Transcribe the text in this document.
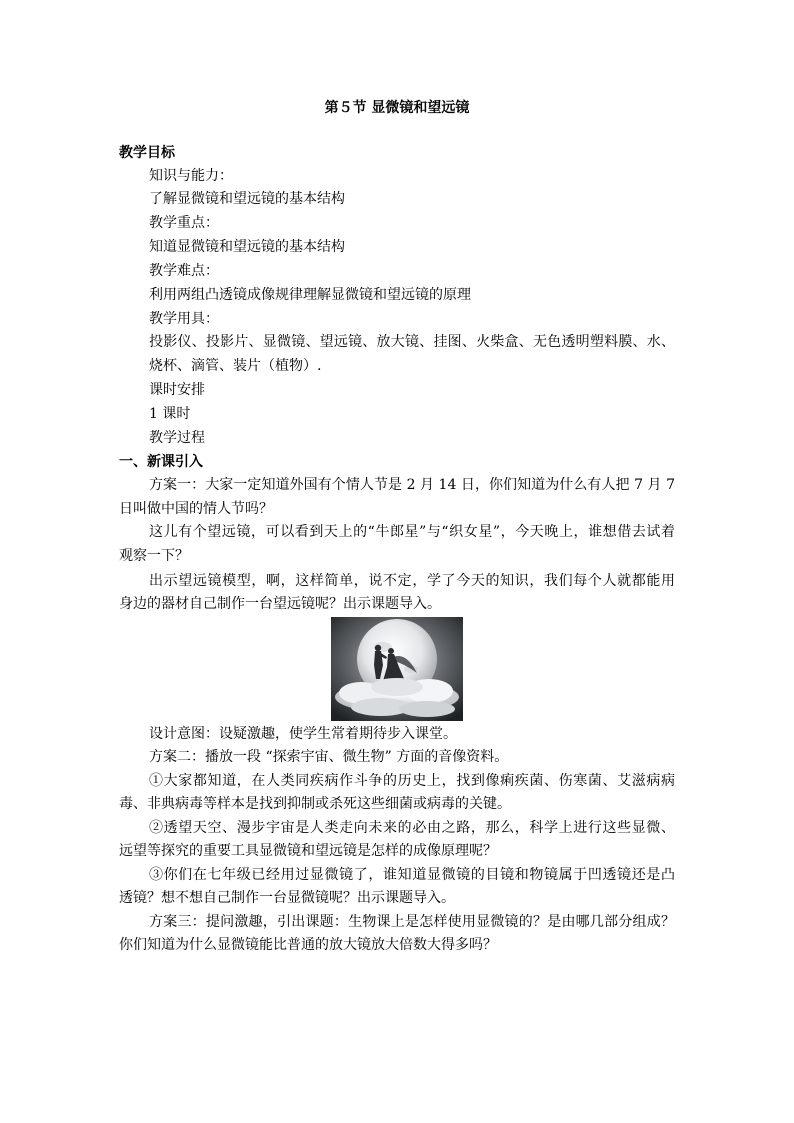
第５节 显微镜和望远镜
教学目标
知识与能力：
了解显微镜和望远镜的基本结构
教学重点：
知道显微镜和望远镜的基本结构
教学难点：
利用两组凸透镜成像规律理解显微镜和望远镜的原理
教学用具：
投影仪、投影片、显微镜、望远镜、放大镜、挂图、火柴盒、无色透明塑料膜、水、
烧杯、滴管、装片（植物）.
课时安排
1 课时
教学过程
一、新课引入
方案一：大家一定知道外国有个情人节是 2 月 14 日，你们知道为什么有人把 7 月 7
日叫做中国的情人节吗？
这儿有个望远镜，可以看到天上的“牛郎星”与“织女星”，今天晚上，谁想借去试着
观察一下？
出示望远镜模型，啊，这样简单，说不定，学了今天的知识，我们每个人就都能用
身边的器材自己制作一台望远镜呢？出示课题导入。
设计意图：设疑激趣，使学生常着期待步入课堂。
方案二：播放一段 “探索宇宙、微生物” 方面的音像资料。
①大家都知道，在人类同疾病作斗争的历史上，找到像痢疾菌、伤寒菌、艾滋病病
毒、非典病毒等样本是找到抑制或杀死这些细菌或病毒的关键。
②透望天空、漫步宇宙是人类走向未来的必由之路，那么，科学上进行这些显微、
远望等探究的重要工具显微镜和望远镜是怎样的成像原理呢？
③你们在七年级已经用过显微镜了，谁知道显微镜的目镜和物镜属于凹透镜还是凸
透镜？想不想自己制作一台显微镜呢？出示课题导入。
方案三：提问激趣，引出课题：生物课上是怎样使用显微镜的？是由哪几部分组成？
你们知道为什么显微镜能比普通的放大镜放大倍数大得多吗？
